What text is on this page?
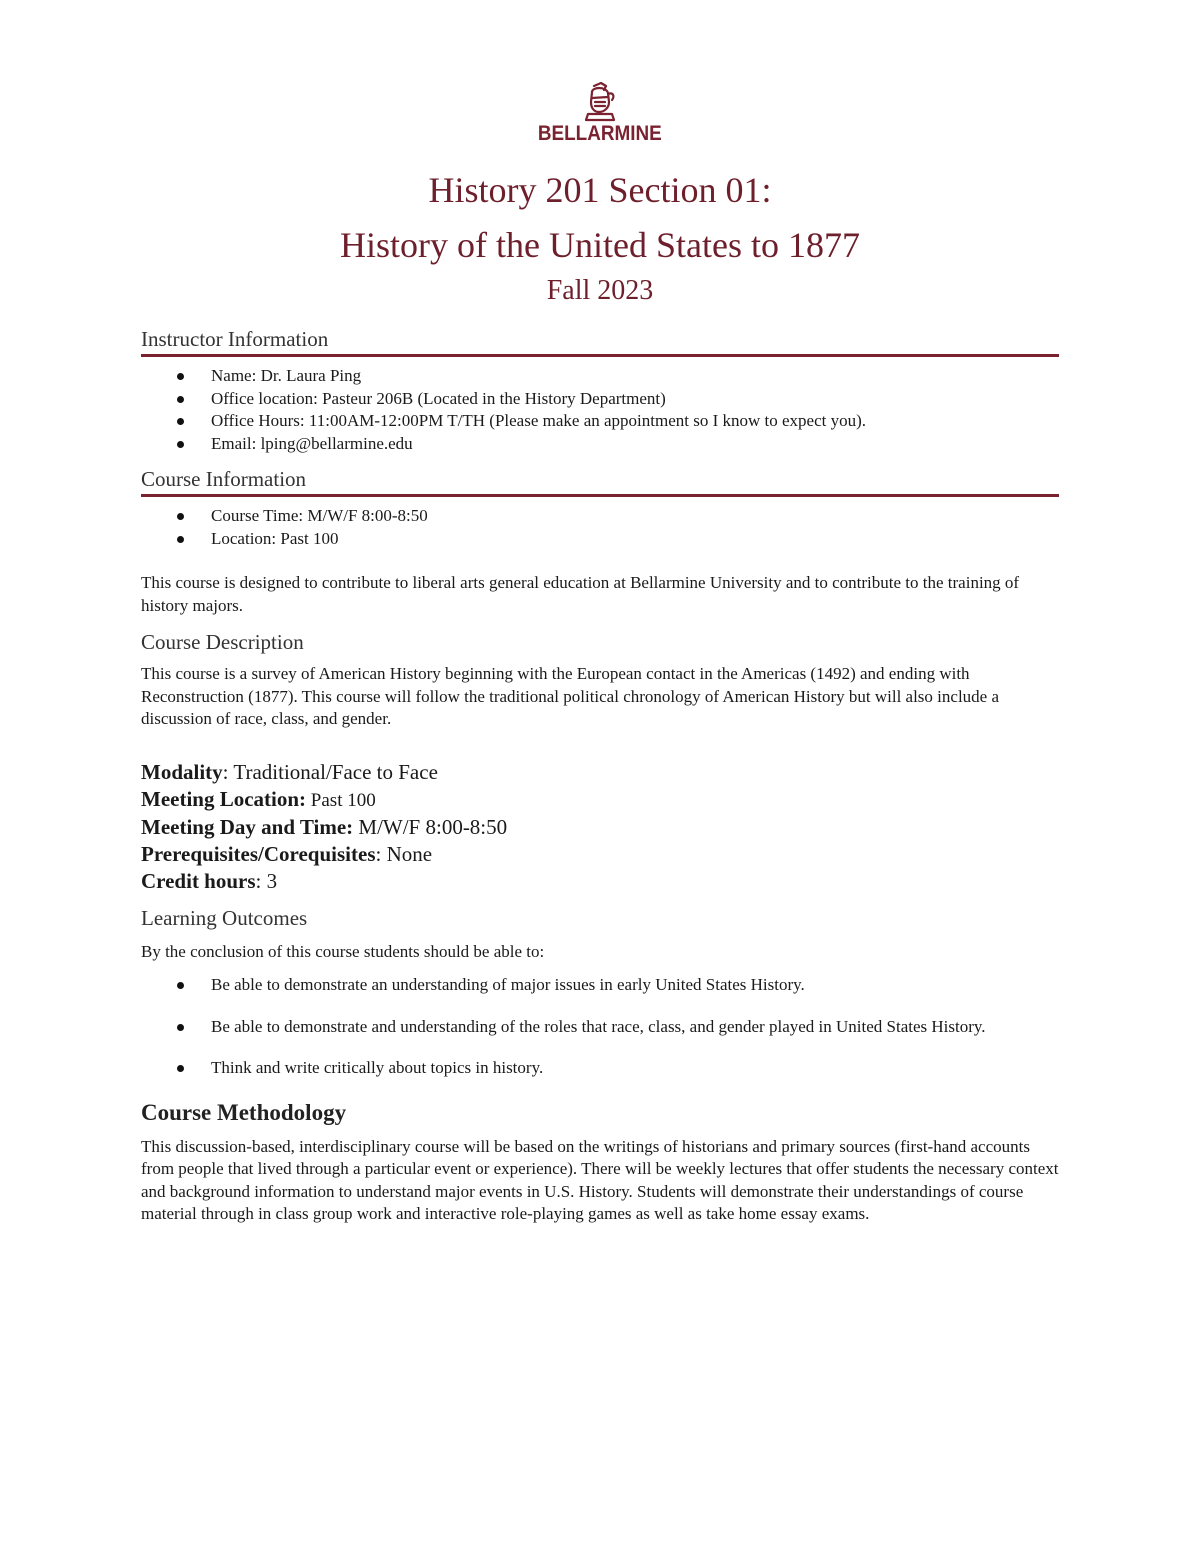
BELLARMINE
History 201 Section 01:
History of the United States to 1877
Fall 2023
Instructor Information
Name: Dr. Laura Ping
Office location: Pasteur 206B (Located in the History Department)
Office Hours: 11:00AM-12:00PM T/TH (Please make an appointment so I know to expect you).
Email: lping@bellarmine.edu
Course Information
Course Time: M/W/F 8:00-8:50
Location: Past 100

This course is designed to contribute to liberal arts general education at Bellarmine University and to contribute to the training of history majors.

Course Description

This course is a survey of American History beginning with the European contact in the Americas (1492) and ending with Reconstruction (1877). This course will follow the traditional political chronology of American History but will also include a discussion of race, class, and gender.

Modality: Traditional/Face to Face
Meeting Location: Past 100
Meeting Day and Time: M/W/F 8:00-8:50
Prerequisites/Corequisites: None
Credit hours: 3
Learning Outcomes

By the conclusion of this course students should be able to:

Be able to demonstrate an understanding of major issues in early United States History.
Be able to demonstrate and understanding of the roles that race, class, and gender played in United States History.
Think and write critically about topics in history.
Course Methodology

This discussion-based, interdisciplinary course will be based on the writings of historians and primary sources (first-hand accounts from people that lived through a particular event or experience). There will be weekly lectures that offer students the necessary context and background information to understand major events in U.S. History. Students will demonstrate their understandings of course material through in class group work and interactive role-playing games as well as take home essay exams.
